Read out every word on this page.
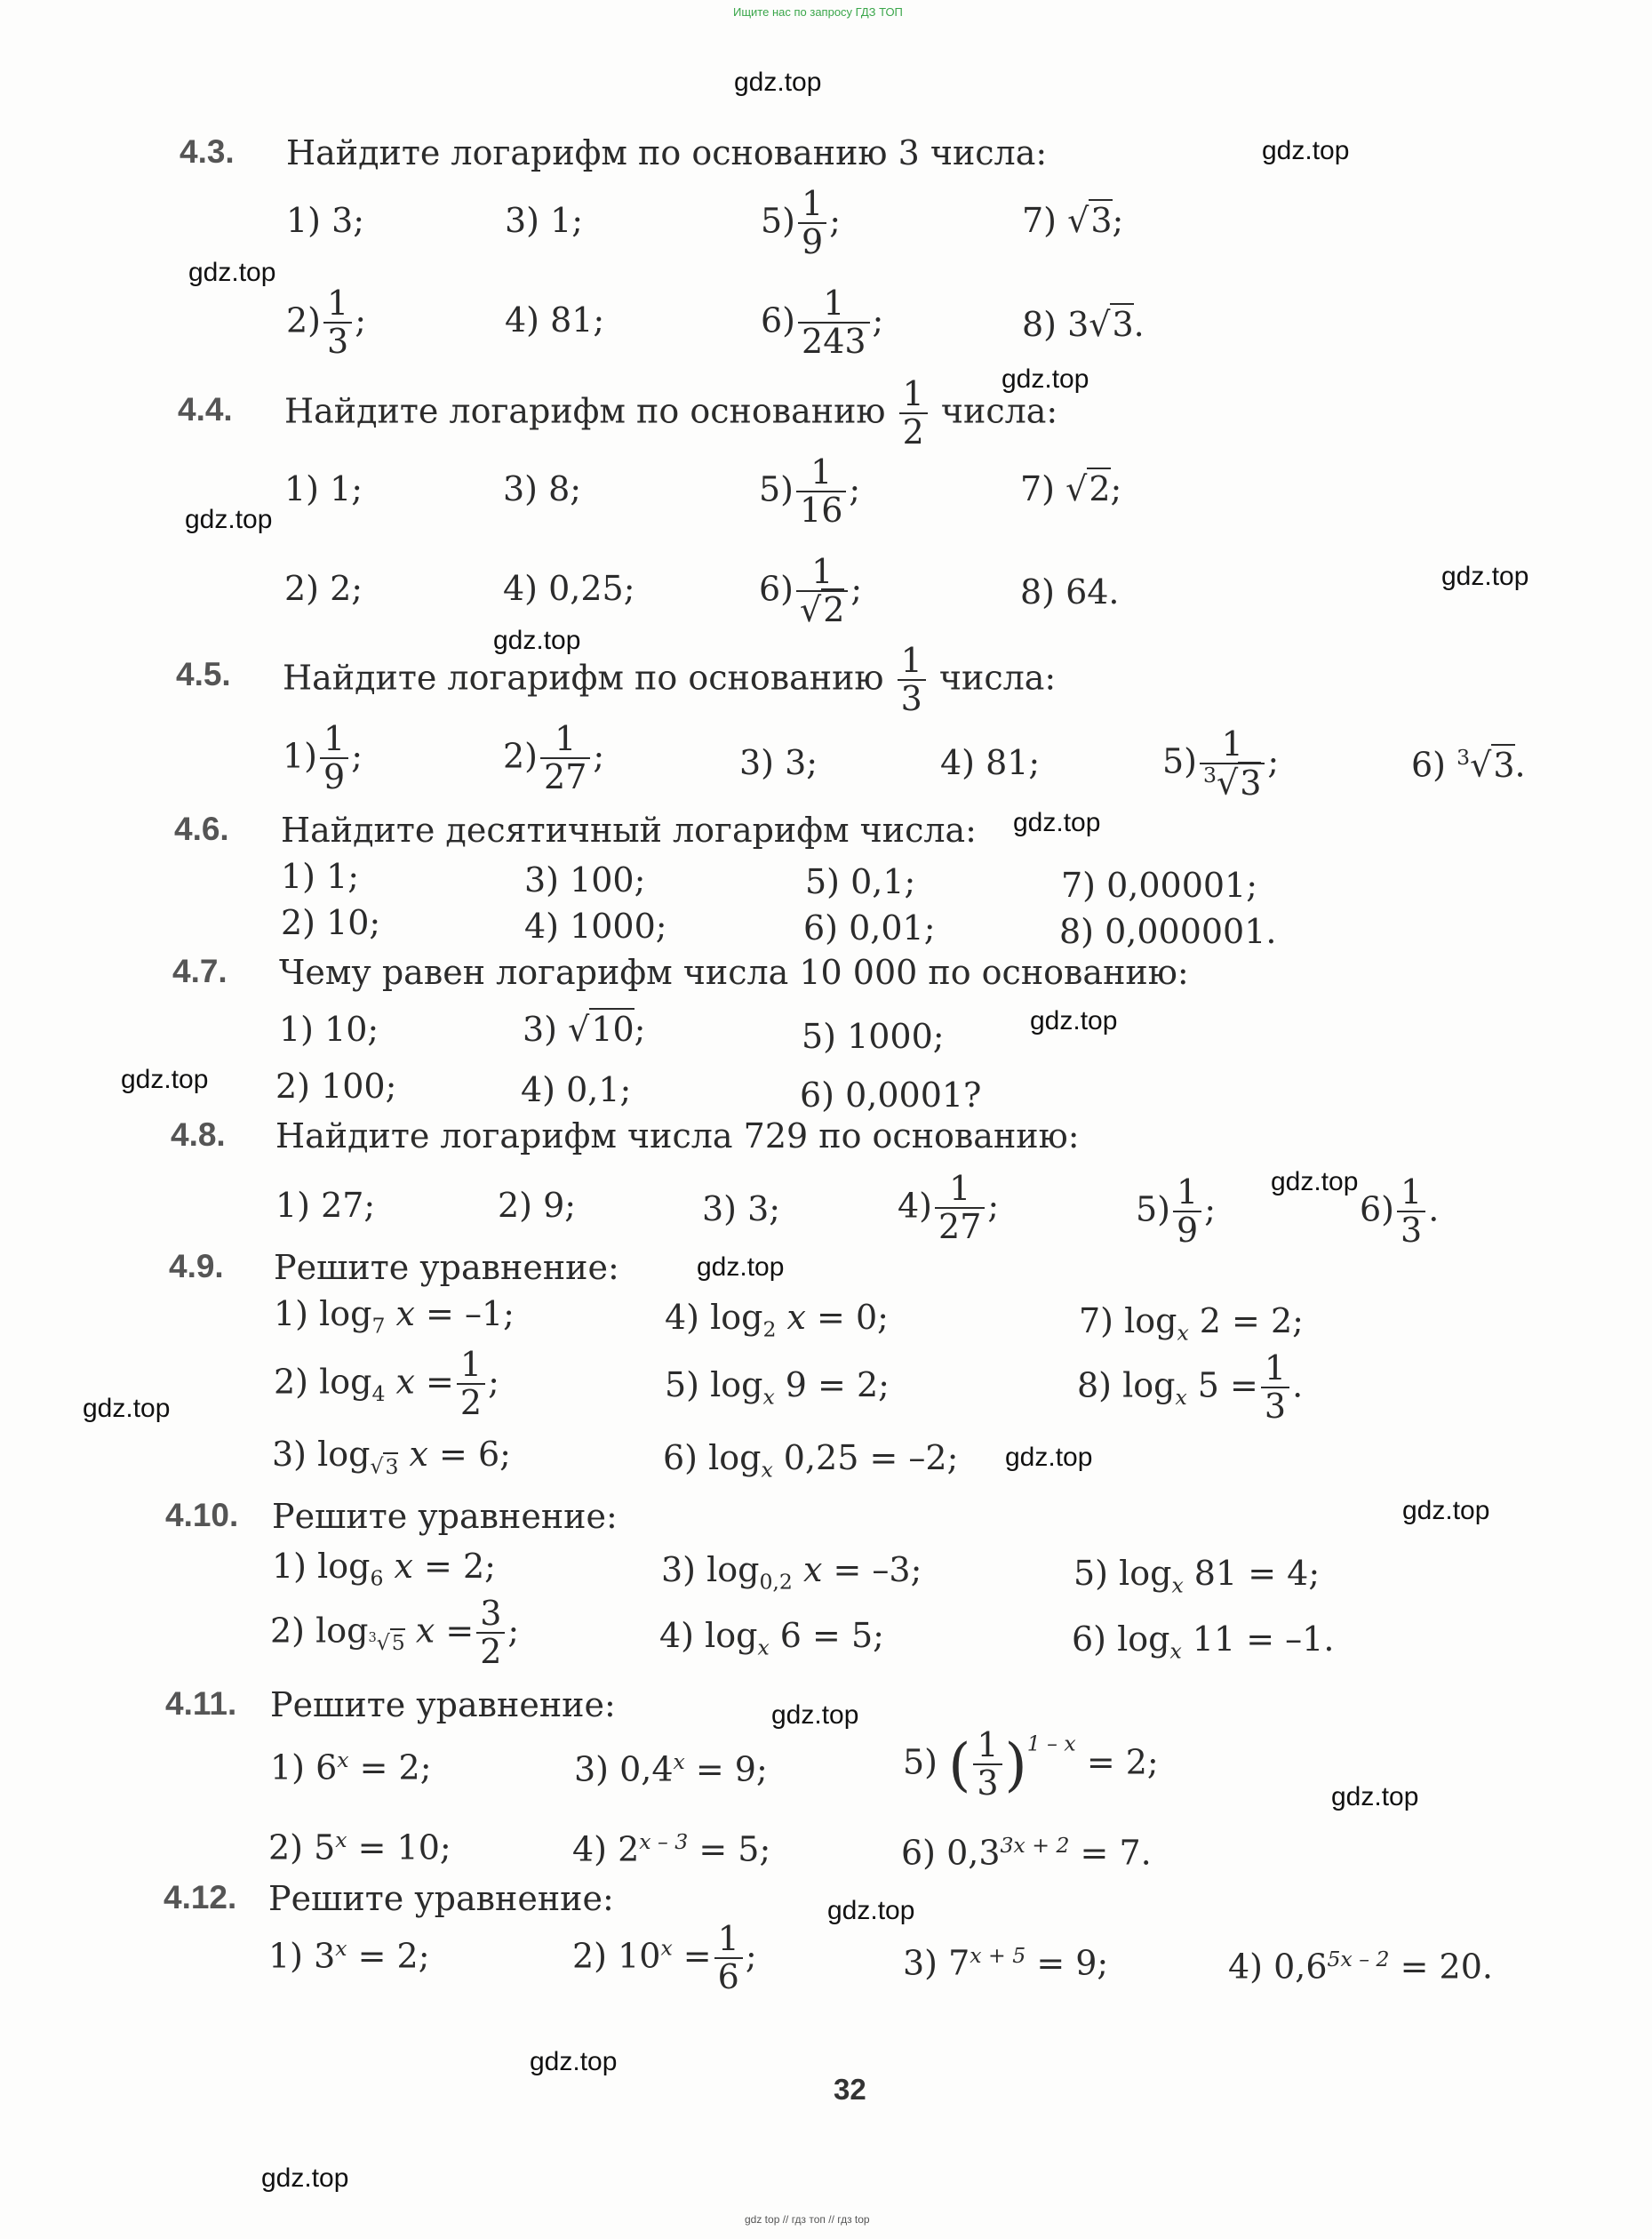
Ищите нас по запросу ГДЗ ТОП
gdz top // гдз топ // гдз top
gdz.top
gdz.top
gdz.top
gdz.top
gdz.top
gdz.top
gdz.top
gdz.top
gdz.top
gdz.top
gdz.top
gdz.top
gdz.top
gdz.top
gdz.top
gdz.top
gdz.top
gdz.top
gdz.top
gdz.top
4.3. Найдите логарифм по основанию 3 числа:
1) 3;	3) 1;	$5) \frac{1}{9}$ ;	7) √3;
$2) \frac{1}{3}$ ;	4) 81;	$6) \frac{1}{243}$ ;	8) 3√3.
4.4. Найдите логарифм по основанию $\frac{1}{2}$ числа:
1) 1;	3) 8;	$5) \frac{1}{16}$ ;	7) √2;
2) 2;	4) 0,25;	$6) \frac{1}{√2}$ ;	8) 64.
4.5. Найдите логарифм по основанию $\frac{1}{3}$ числа:
$1) \frac{1}{9}$ ;	$2) \frac{1}{27}$ ;	3) 3;	4) 81;	$5) \frac{1}{^3√3}$ ;	6) $^3$√3.
4.6. Найдите десятичный логарифм числа:
1) 1;	3) 100;	5) 0,1;	7) 0,00001;
2) 10;	4) 1000;	6) 0,01;	8) 0,000001.
4.7. Чему равен логарифм числа 10 000 по основанию:
1) 10;	3) √10;	5) 1000;
2) 100;	4) 0,1;	6) 0,0001?
4.8. Найдите логарифм числа 729 по основанию:
1) 27;	2) 9;	3) 3;	$4) \frac{1}{27}$ ;	$5) \frac{1}{9}$ ;	$6) \frac{1}{3}$ .
4.9. Решите уравнение:
1) $\log_7 x = -1$;	4) $\log_2 x = 0$;	7) $\log_x 2 = 2$;
2) $\log_4 x = \frac{1}{2}$ ;	5) $\log_x 9 = 2$;	8) $\log_x 5 = \frac{1}{3}$ .
3) $\log_{√3} x = 6$;	6) $\log_x 0,25 = -2$;
4.10. Решите уравнение:
1) $\log_6 x = 2$;	3) $\log_{0,2} x = -3$;	5) $\log_x 81 = 4$;
2) $\log_{^3√5} x = \frac{3}{2}$ ;	4) $\log_x 6 = 5$;	6) $\log_x 11 = -1$.
4.11. Решите уравнение:
1) $6^x = 2$;	3) $0,4^x = 9$;	5) ( $\frac{1}{3} )^{1 - x} = 2$;
2) $5^x = 10$;	4) $2^{x - 3} = 5$;	6) $0,3^{3x + 2} = 7$.
4.12. Решите уравнение:
1) $3^x = 2$;	2) $10^x = \frac{1}{6}$ ;	3) $7^{x + 5} = 9$;	4) $0,6^{5x - 2} = 20$.
32
